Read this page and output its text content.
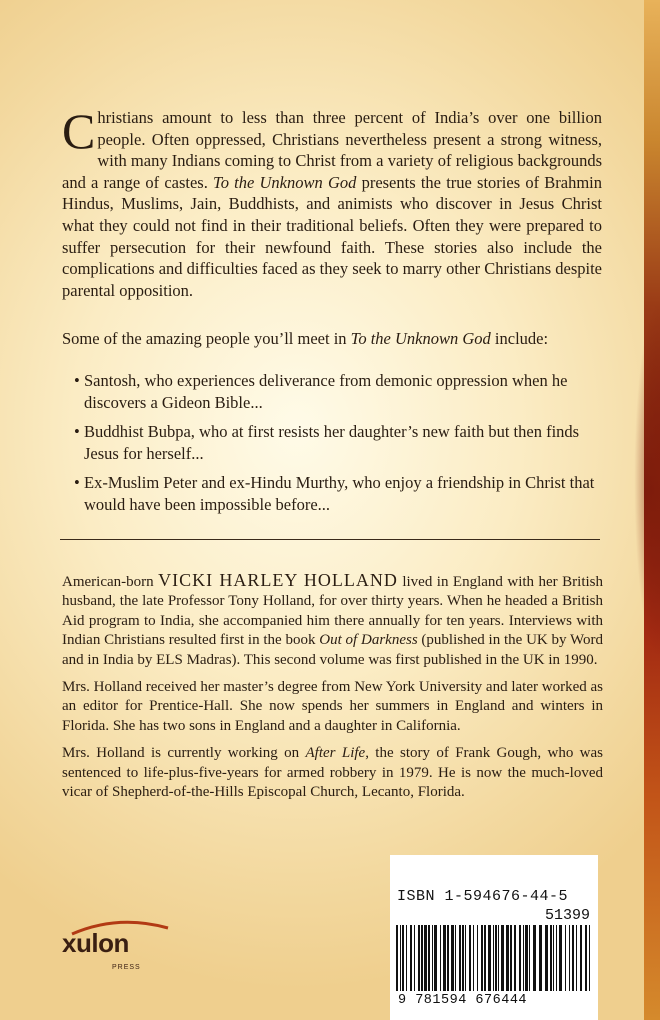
Christians amount to less than three percent of India’s over one billion people. Often oppressed, Christians nevertheless present a strong witness, with many Indians coming to Christ from a variety of religious backgrounds and a range of castes. To the Unknown God presents the true stories of Brahmin Hindus, Muslims, Jain, Buddhists, and animists who discover in Jesus Christ what they could not find in their traditional beliefs. Often they were prepared to suffer persecution for their newfound faith. These stories also include the complications and difficulties faced as they seek to marry other Christians despite parental opposition.

Some of the amazing people you’ll meet in To the Unknown God include:
• Santosh, who experiences deliverance from demonic oppression when he discovers a Gideon Bible...
• Buddhist Bubpa, who at first resists her daughter’s new faith but then finds Jesus for herself...
• Ex-Muslim Peter and ex-Hindu Murthy, who enjoy a friendship in Christ that would have been impossible before...

American-born VICKI HARLEY HOLLAND lived in England with her British husband, the late Professor Tony Holland, for over thirty years. When he headed a British Aid program to India, she accompanied him there annually for ten years. Interviews with Indian Christians resulted first in the book Out of Darkness (published in the UK by Word and in India by ELS Madras). This second volume was first published in the UK in 1990.

Mrs. Holland received her master’s degree from New York University and later worked as an editor for Prentice-Hall. She now spends her summers in England and winters in Florida. She has two sons in England and a daughter in California.

Mrs. Holland is currently working on After Life, the story of Frank Gough, who was sentenced to life-plus-five-years for armed robbery in 1979. He is now the much-loved vicar of Shepherd-of-the-Hills Episcopal Church, Lecanto, Florida.

ISBN 1-594676-44-5
51399
9 781594 676444
xulon
PRESS
